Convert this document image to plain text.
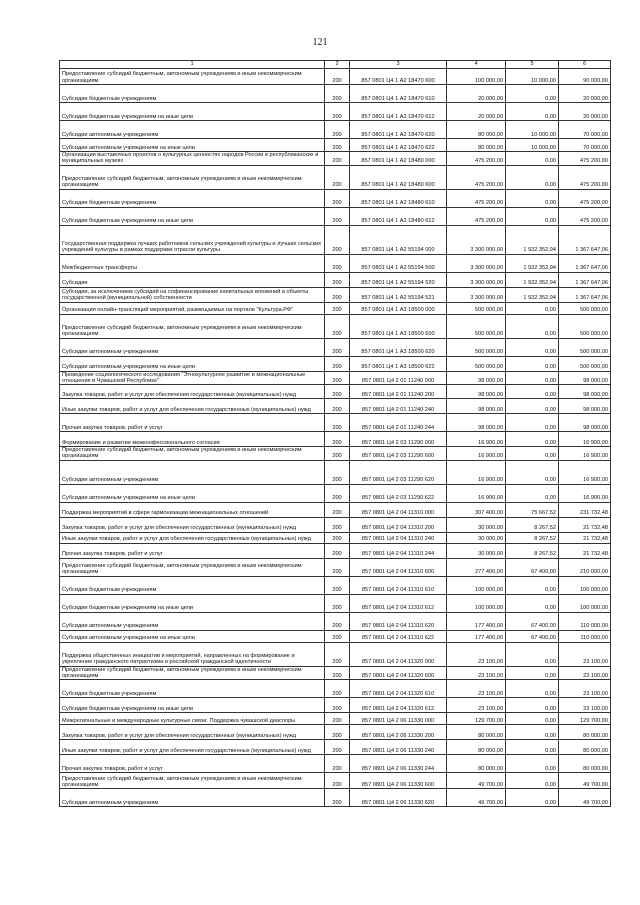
121
1	2	3	4	5	6
Предоставление субсидий бюджетным, автономным учреждениям и иным некоммерческим организациям	200	857 0801 Ц4 1 А2 18470 600	100 000,00	10 000,00	90 000,00
Субсидии бюджетным учреждениям	200	857 0801 Ц4 1 А2 18470 610	20 000,00	0,00	20 000,00
Субсидии бюджетным учреждениям на иные цели	200	857 0801 Ц4 1 А2 18470 612	20 000,00	0,00	20 000,00
Субсидии автономным учреждениям	200	857 0801 Ц4 1 А2 18470 620	80 000,00	10 000,00	70 000,00
Субсидии автономным учреждениям на иные цели	200	857 0801 Ц4 1 А2 18470 622	80 000,00	10 000,00	70 000,00
Организация выставочных проектов о культурных ценностях народов России в республиканских и муниципальных музеях	200	857 0801 Ц4 1 А2 18480 000	475 200,00	0,00	475 200,00
Предоставление субсидий бюджетным, автономным учреждениям и иным некоммерческим организациям	200	857 0801 Ц4 1 А2 18480 600	475 200,00	0,00	475 200,00
Субсидии бюджетным учреждениям	200	857 0801 Ц4 1 А2 18480 610	475 200,00	0,00	475 200,00
Субсидии бюджетным учреждениям на иные цели	200	857 0801 Ц4 1 А2 18480 612	475 200,00	0,00	475 200,00
Государственная поддержка лучших работников сельских учреждений культуры и лучших сельских учреждений культуры в рамках поддержки отрасли культуры	200	857 0801 Ц4 1 А2 55194 000	3 300 000,00	1 932 352,94	1 367 647,06
Межбюджетные трансферты	200	857 0801 Ц4 1 А2 55194 500	3 300 000,00	1 932 352,94	1 367 647,06
Субсидии	200	857 0801 Ц4 1 А2 55194 520	3 300 000,00	1 932 352,94	1 367 647,06
Субсидии, за исключением субсидий на софинансирование капитальных вложений в объекты государственной (муниципальной) собственности	200	857 0801 Ц4 1 А2 55194 521	3 300 000,00	1 932 352,94	1 367 647,06
Организация онлайн-трансляций мероприятий, размещаемых на портале "Культура.РФ"	200	857 0801 Ц4 1 А3 18500 000	500 000,00	0,00	500 000,00
Предоставление субсидий бюджетным, автономным учреждениям и иным некоммерческим организациям	200	857 0801 Ц4 1 А3 18500 600	500 000,00	0,00	500 000,00
Субсидии автономным учреждениям	200	857 0801 Ц4 1 А3 18500 620	500 000,00	0,00	500 000,00
Субсидии автономным учреждениям на иные цели	200	857 0801 Ц4 1 А3 18500 622	500 000,00	0,00	500 000,00
Проведение социологического исследования "Этнокультурное развитие и межнациональные отношения в Чувашской Республике"	200	857 0801 Ц4 2 01 11240 000	98 000,00	0,00	98 000,00
Закупка товаров, работ и услуг для обеспечения государственных (муниципальных) нужд	200	857 0801 Ц4 2 01 11240 200	98 000,00	0,00	98 000,00
Иные закупки товаров, работ и услуг для обеспечения государственных (муниципальных) нужд	200	857 0801 Ц4 2 01 11240 240	98 000,00	0,00	98 000,00
Прочая закупка товаров, работ и услуг	200	857 0801 Ц4 2 01 11240 244	98 000,00	0,00	98 000,00
Формирование и развитие межконфессионального согласия	200	857 0801 Ц4 2 03 11290 000	16 900,00	0,00	16 900,00
Предоставление субсидий бюджетным, автономным учреждениям и иным некоммерческим организациям	200	857 0801 Ц4 2 03 11290 600	16 900,00	0,00	16 900,00
Субсидии автономным учреждениям	200	857 0801 Ц4 2 03 11290 620	16 900,00	0,00	16 900,00
Субсидии автономным учреждениям на иные цели	200	857 0801 Ц4 2 03 11290 622	16 900,00	0,00	16 900,00
Поддержка мероприятий в сфере гармонизации межнациональных отношений	200	857 0801 Ц4 2 04 11310 000	307 400,00	75 667,52	231 732,48
Закупка товаров, работ и услуг для обеспечения государственных (муниципальных) нужд	200	857 0801 Ц4 2 04 11310 200	30 000,00	8 267,52	21 732,48
Иные закупки товаров, работ и услуг для обеспечения государственных (муниципальных) нужд	200	857 0801 Ц4 2 04 11310 240	30 000,00	8 267,52	21 732,48
Прочая закупка товаров, работ и услуг	200	857 0801 Ц4 2 04 11310 244	30 000,00	8 267,52	21 732,48
Предоставление субсидий бюджетным, автономным учреждениям и иным некоммерческим организациям	200	857 0801 Ц4 2 04 11310 600	277 400,00	67 400,00	210 000,00
Субсидии бюджетным учреждениям	200	857 0801 Ц4 2 04 11310 610	100 000,00	0,00	100 000,00
Субсидии бюджетным учреждениям на иные цели	200	857 0801 Ц4 2 04 11310 612	100 000,00	0,00	100 000,00
Субсидии автономным учреждениям	200	857 0801 Ц4 2 04 11310 620	177 400,00	67 400,00	110 000,00
Субсидии автономным учреждениям на иные цели	200	857 0801 Ц4 2 04 11310 622	177 400,00	67 400,00	110 000,00
Поддержка общественных инициатив и мероприятий, направленных на формирование и укрепление гражданского патриотизма и российской гражданской идентичности	200	857 0801 Ц4 2 04 11320 000	23 100,00	0,00	23 100,00
Предоставление субсидий бюджетным, автономным учреждениям и иным некоммерческим организациям	200	857 0801 Ц4 2 04 11320 600	23 100,00	0,00	23 100,00
Субсидии бюджетным учреждениям	200	857 0801 Ц4 2 04 11320 610	23 100,00	0,00	23 100,00
Субсидии бюджетным учреждениям на иные цели	200	857 0801 Ц4 2 04 11320 612	23 100,00	0,00	23 100,00
Межрегиональные и международные культурные связи. Поддержка чувашской диаспоры	200	857 0801 Ц4 2 06 11330 000	129 700,00	0,00	129 700,00
Закупка товаров, работ и услуг для обеспечения государственных (муниципальных) нужд	200	857 0801 Ц4 2 06 11330 200	80 000,00	0,00	80 000,00
Иные закупки товаров, работ и услуг для обеспечения государственных (муниципальных) нужд	200	857 0801 Ц4 2 06 11330 240	80 000,00	0,00	80 000,00
Прочая закупка товаров, работ и услуг	200	857 0801 Ц4 2 06 11330 244	80 000,00	0,00	80 000,00
Предоставление субсидий бюджетным, автономным учреждениям и иным некоммерческим организациям	200	857 0801 Ц4 2 06 11330 600	49 700,00	0,00	49 700,00
Субсидии автономным учреждениям	200	857 0801 Ц4 2 06 11330 620	49 700,00	0,00	49 700,00
